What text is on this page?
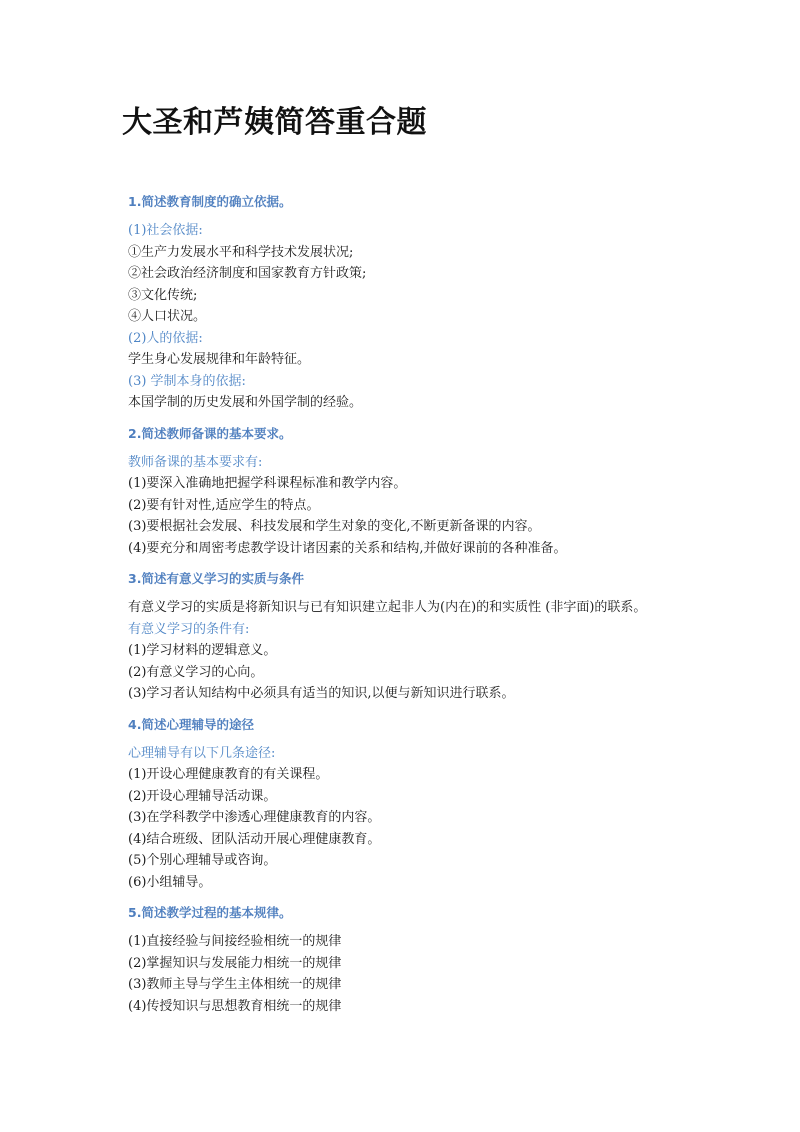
大圣和芦姨简答重合题
1.简述教育制度的确立依据。
(1)社会依据:
①生产力发展水平和科学技术发展状况;
②社会政治经济制度和国家教育方针政策;
③文化传统;
④人口状况。
(2)人的依据:
学生身心发展规律和年龄特征。
(3) 学制本身的依据:
本国学制的历史发展和外国学制的经验。
2.简述教师备课的基本要求。
教师备课的基本要求有:
(1)要深入准确地把握学科课程标准和教学内容。
(2)要有针对性,适应学生的特点。
(3)要根据社会发展、科技发展和学生对象的变化,不断更新备课的内容。
(4)要充分和周密考虑教学设计诸因素的关系和结构,并做好课前的各种准备。
3.简述有意义学习的实质与条件
有意义学习的实质是将新知识与已有知识建立起非人为(内在)的和实质性 (非字面)的联系。
有意义学习的条件有:
(1)学习材料的逻辑意义。
(2)有意义学习的心向。
(3)学习者认知结构中必须具有适当的知识,以便与新知识进行联系。
4.简述心理辅导的途径
心理辅导有以下几条途径:
(1)开设心理健康教育的有关课程。
(2)开设心理辅导活动课。
(3)在学科教学中渗透心理健康教育的内容。
(4)结合班级、团队活动开展心理健康教育。
(5)个别心理辅导或咨询。
(6)小组辅导。
5.简述教学过程的基本规律。
(1)直接经验与间接经验相统一的规律
(2)掌握知识与发展能力相统一的规律
(3)教师主导与学生主体相统一的规律
(4)传授知识与思想教育相统一的规律
